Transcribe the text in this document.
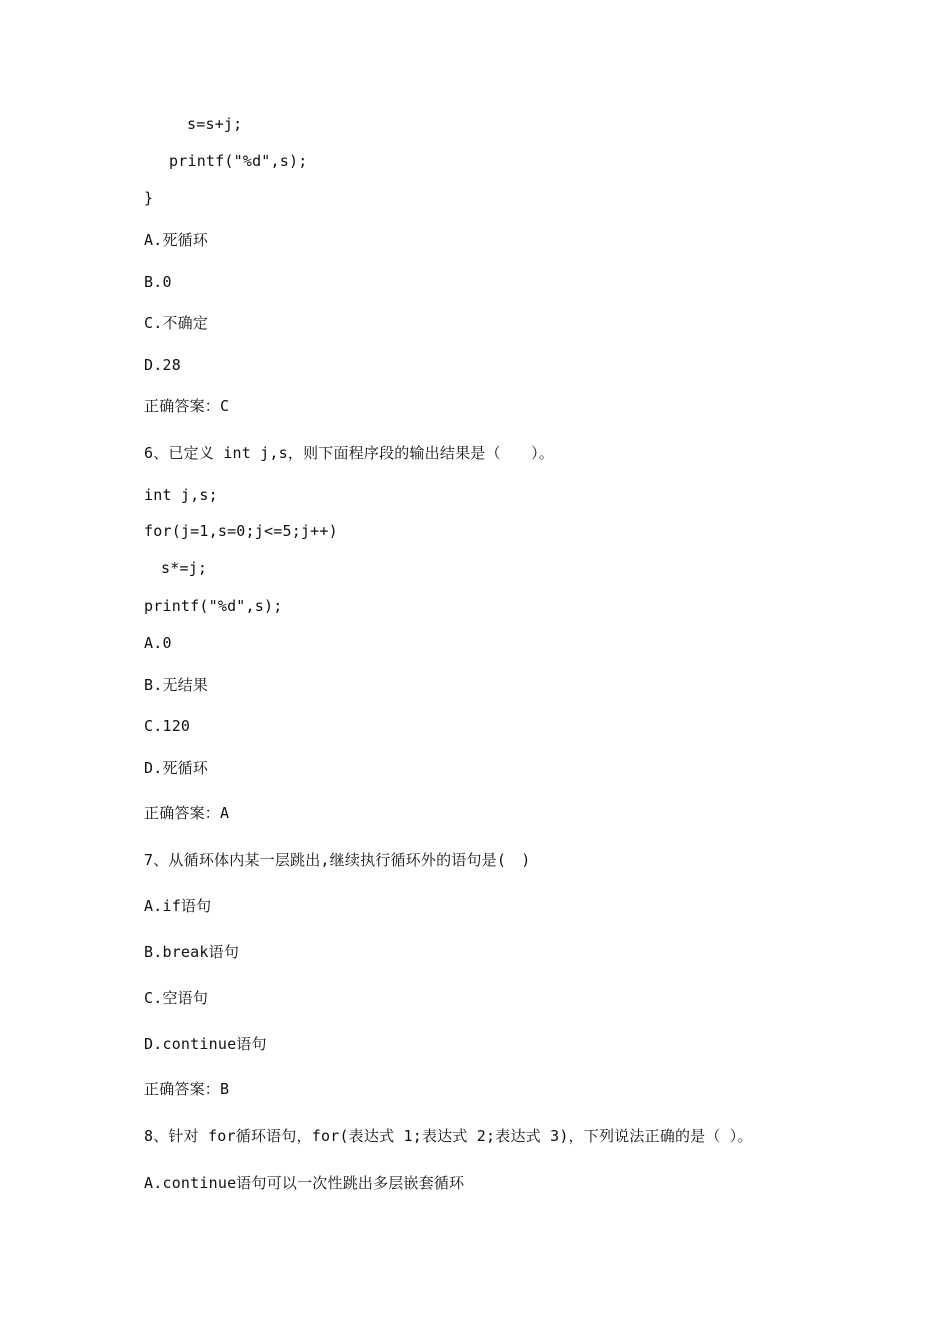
s=s+j;
printf("%d",s);
}
A.死循环
B.0
C.不确定
D.28
正确答案：C
6、已定义 int j,s，则下面程序段的输出结果是（　　）。
int j,s;
for(j=1,s=0;j<=5;j++)
s*=j;
printf("%d",s);
A.0
B.无结果
C.120
D.死循环
正确答案：A
7、从循环体内某一层跳出,继续执行循环外的语句是(　)
A.if语句
B.break语句
C.空语句
D.continue语句
正确答案：B
8、针对 for循环语句，for(表达式 1;表达式 2;表达式 3)，下列说法正确的是（ ）。
A.continue语句可以一次性跳出多层嵌套循环
